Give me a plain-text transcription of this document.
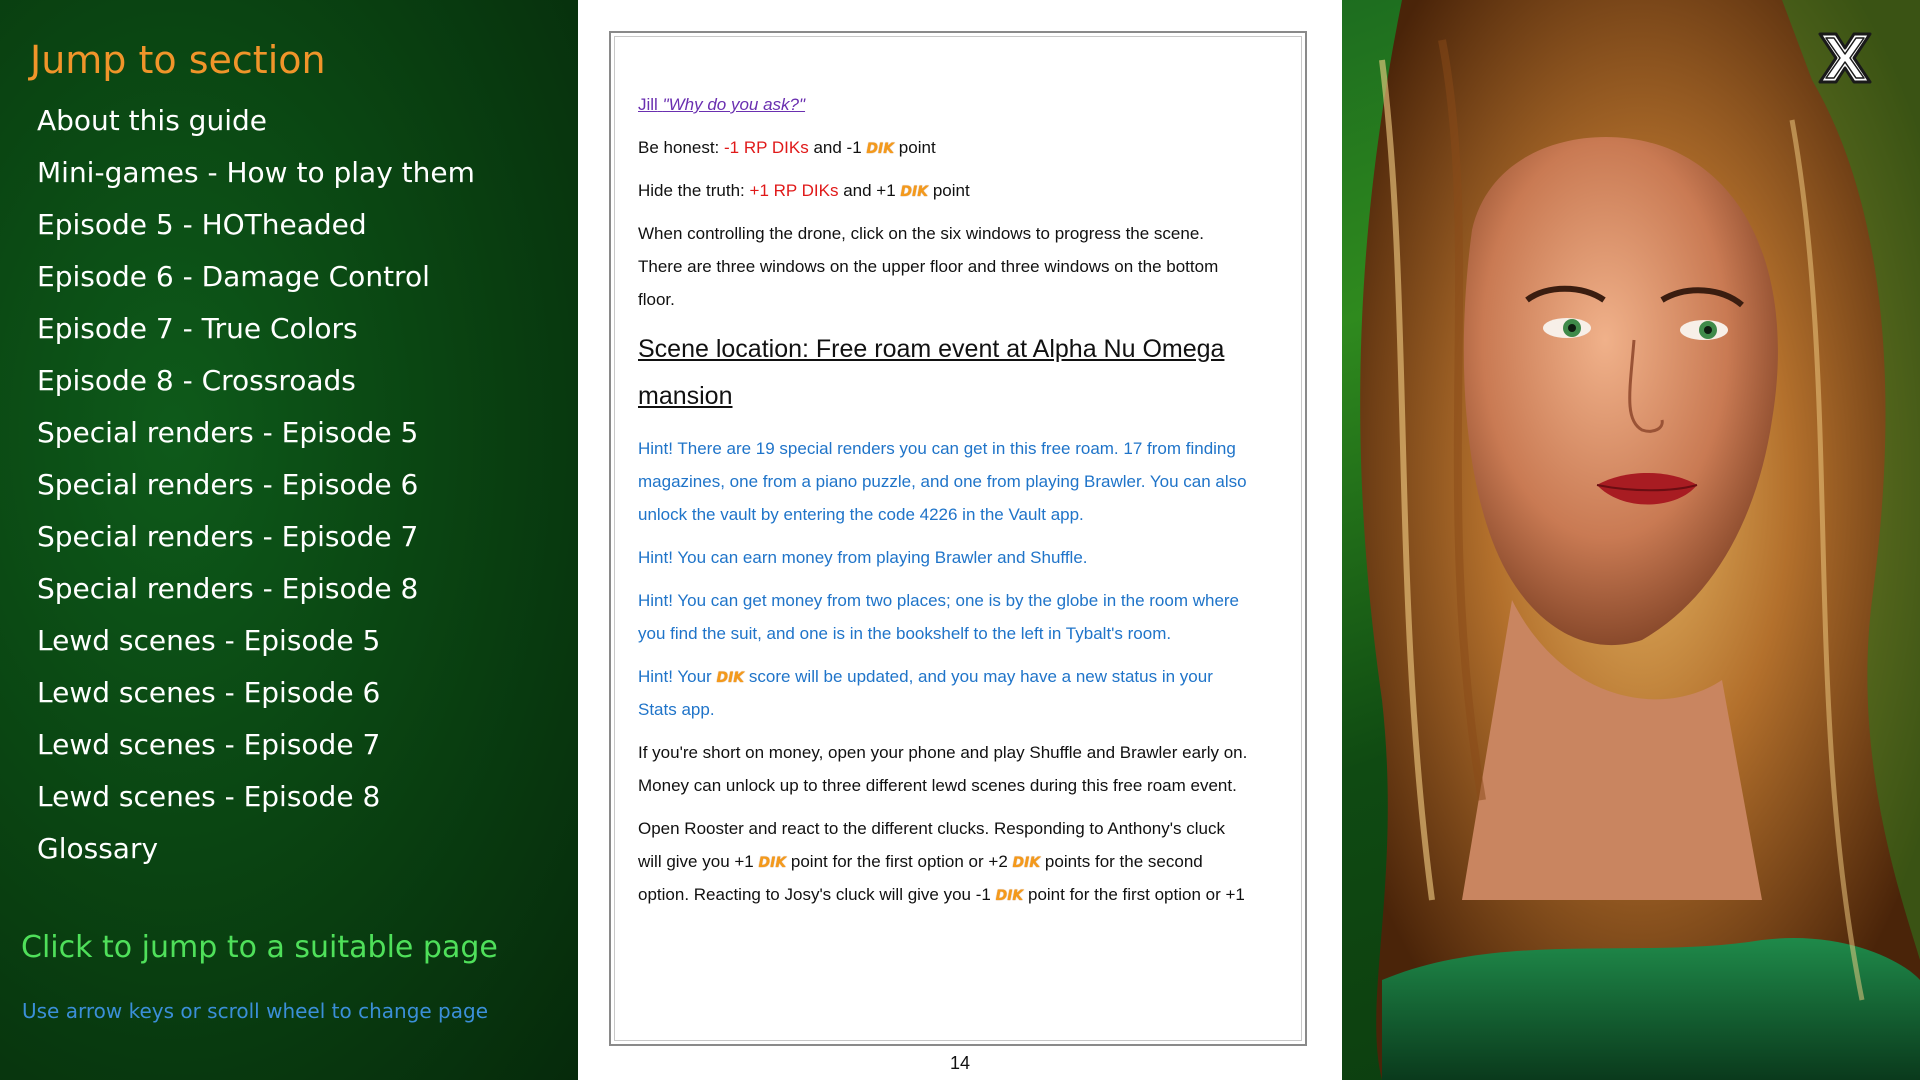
Jump to section
About this guide
Mini-games - How to play them
Episode 5 - HOTheaded
Episode 6 - Damage Control
Episode 7 - True Colors
Episode 8 - Crossroads
Special renders - Episode 5
Special renders - Episode 6
Special renders - Episode 7
Special renders - Episode 8
Lewd scenes - Episode 5
Lewd scenes - Episode 6
Lewd scenes - Episode 7
Lewd scenes - Episode 8
Glossary
Click to jump to a suitable page
Use arrow keys or scroll wheel to change page

Jill "Why do you ask?"

Be honest: -1 RP DIKs and -1 DIK point

Hide the truth: +1 RP DIKs and +1 DIK point

When controlling the drone, click on the six windows to progress the scene. There are three windows on the upper floor and three windows on the bottom floor.

Scene location: Free roam event at Alpha Nu Omega mansion

Hint! There are 19 special renders you can get in this free roam. 17 from finding magazines, one from a piano puzzle, and one from playing Brawler. You can also unlock the vault by entering the code 4226 in the Vault app.

Hint! You can earn money from playing Brawler and Shuffle.

Hint! You can get money from two places; one is by the globe in the room where you find the suit, and one is in the bookshelf to the left in Tybalt's room.

Hint! Your DIK score will be updated, and you may have a new status in your Stats app.

If you're short on money, open your phone and play Shuffle and Brawler early on. Money can unlock up to three different lewd scenes during this free roam event.

Open Rooster and react to the different clucks. Responding to Anthony's cluck will give you +1 DIK point for the first option or +2 DIK points for the second option. Reacting to Josy's cluck will give you -1 DIK point for the first option or +1

14
